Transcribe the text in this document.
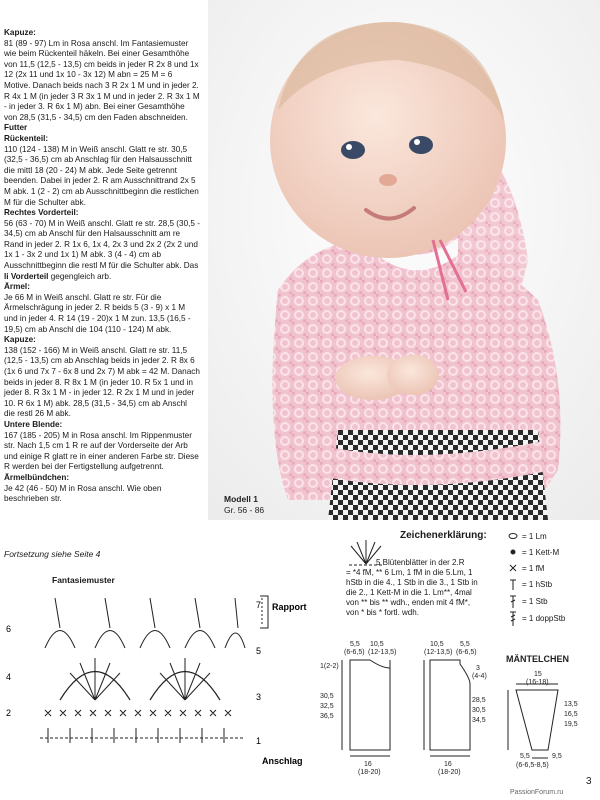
Kapuze:
81 (89 - 97) Lm in Rosa anschl. Im Fantasiemuster wie beim Rückenteil häkeln. Bei einer Gesamthöhe von 11,5 (12,5 - 13,5) cm beids in jeder R 2x 8 und 1x 12 (2x 11 und 1x 10 - 3x 12) M abn = 25 M = 6 Motive. Danach beids nach 3 R 2x 1 M und in jeder 2. R 4x 1 M (in jeder 3 R 3x 1 M und in jeder 2. R 3x 1 M - in jeder 3. R 6x 1 M) abn. Bei einer Gesamthöhe von 28,5 (31,5 - 34,5) cm den Faden abschneiden.

Futter
Rückenteil:
110 (124 - 138) M in Weiß anschl. Glatt re str. 30,5 (32,5 - 36,5) cm ab Anschlag für den Halsausschnitt die mittl 18 (20 - 24) M abk. Jede Seite getrennt beenden. Dabei in jeder 2. R am Ausschnittrand 2x 5 M abk. 1 (2 - 2) cm ab Ausschnittbeginn die restlichen M für die Schulter abk.

Rechtes Vorderteil:
56 (63 - 70) M in Weiß anschl. Glatt re str. 28,5 (30,5 - 34,5) cm ab Anschl für den Halsausschnitt am re Rand in jeder 2. R 1x 6, 1x 4, 2x 3 und 2x 2 (2x 2 und 1x 1 - 3x 2 und 1x 1) M abk. 3 (4 - 4) cm ab Ausschnittbeginn die restl M für die Schulter abk. Das li Vorderteil gegengleich arb.

Ärmel:
Je 66 M in Weiß anschl. Glatt re str. Für die Ärmelschrägung in jeder 2. R beids 5 (3 - 9) x 1 M und in jeder 4. R 14 (19 - 20)x 1 M zun. 13,5 (16,5 - 19,5) cm ab Anschl die 104 (110 - 124) M abk.

Kapuze:
138 (152 - 166) M in Weiß anschl. Glatt re str. 11,5 (12,5 - 13,5) cm ab Anschlag beids in jeder 2. R 8x 6 (1x 6 und 7x 7 - 6x 8 und 2x 7) M abk = 42 M. Danach beids in jeder 8. R 8x 1 M (in jeder 10. R 5x 1 und in jeder 8. R 3x 1 M - in jeder 12. R 2x 1 M und in jeder 10. R 6x 1 M) abk. 28,5 (31,5 - 34,5) cm ab Anschl die restl 26 M abk.

Untere Blende:
167 (185 - 205) M in Rosa anschl. Im Rippenmuster str. Nach 1,5 cm 1 R re auf der Vorderseite der Arb und einige R glatt re in einer anderen Farbe str. Diese R werden bei der Fertigstellung aufgetrennt.

Ärmelbündchen:
Je 42 (46 - 50) M in Rosa anschl. Wie oben beschrieben str.	Modell 1
Gr. 56 - 86
Fortsetzung siehe Seite 4
Fantasiemuster
6
4
2
7
5
3
1
Rapport
Anschlag
Zeichenerklärung:
5 Blütenblätter in der 2.R
= *4 fM, ** 6 Lm, 1 fM in die 5.Lm, 1
hStb in die 4., 1 Stb in die 3., 1 Stb in
die 2., 1 Kett-M in die 1. Lm**, 4mal
von ** bis ** wdh., enden mit 4 fM*,
von * bis * fortl. wdh.
= 1 Lm
= 1 Kett-M
= 1 fM
= 1 hStb
= 1 Stb
= 1 doppStb
5,5
(6-6,5)
10,5
(12-13,5)
1(2-2)
30,5
32,5
36,5
16
(18-20)
10,5
(12-13,5)
5,5
(6-6,5)
3
(4-4)
28,5
30,5
34,5
16
(18-20)
MÄNTELCHEN
15
(16-18)
13,5
16,5
19,5
5,5	9,5
(6-6,5-8,5)
3
PassionForum.ru
